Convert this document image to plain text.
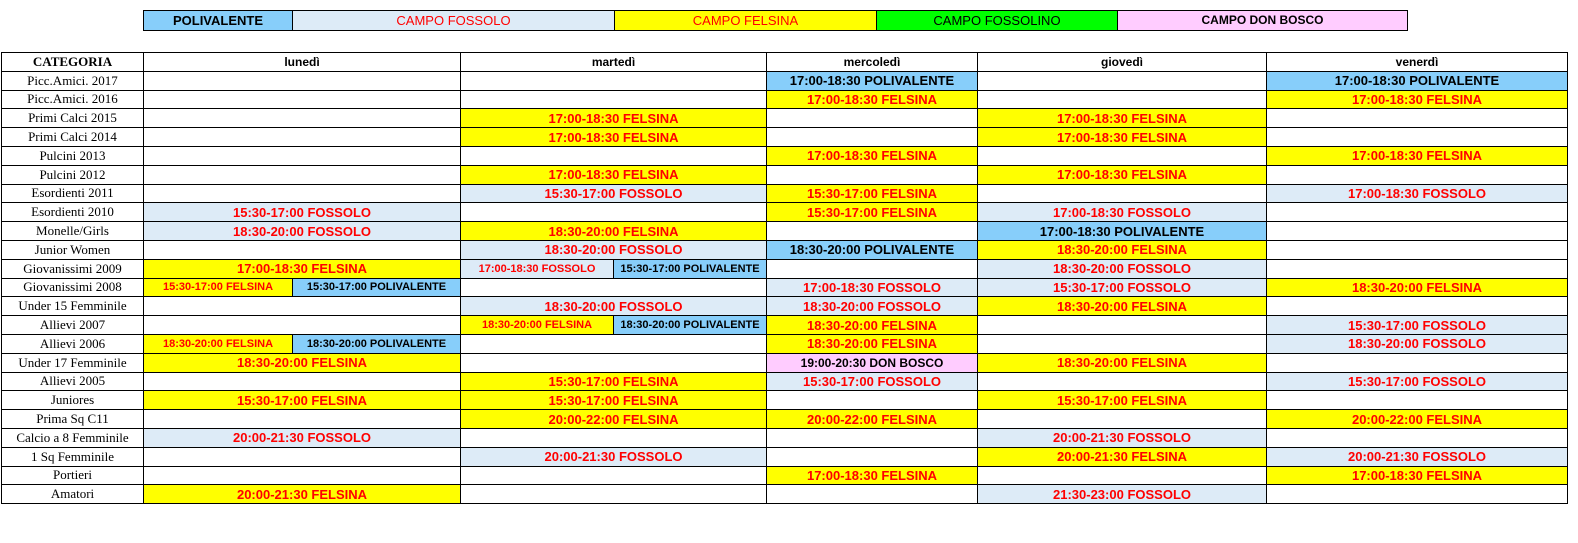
POLIVALENTE	CAMPO FOSSOLO	CAMPO FELSINA	CAMPO FOSSOLINO	CAMPO DON BOSCO
CATEGORIA	lunedì		martedì		mercoledì	giovedì	venerdì
Picc.Amici. 2017					17:00-18:30 POLIVALENTE		17:00-18:30 POLIVALENTE
Picc.Amici. 2016					17:00-18:30 FELSINA		17:00-18:30 FELSINA
Primi Calci 2015			17:00-18:30 FELSINA			17:00-18:30 FELSINA	
Primi Calci 2014			17:00-18:30 FELSINA			17:00-18:30 FELSINA	
Pulcini 2013					17:00-18:30 FELSINA		17:00-18:30 FELSINA
Pulcini 2012			17:00-18:30 FELSINA			17:00-18:30 FELSINA	
Esordienti 2011			15:30-17:00 FOSSOLO		15:30-17:00 FELSINA		17:00-18:30 FOSSOLO
Esordienti 2010	15:30-17:00 FOSSOLO				15:30-17:00 FELSINA	17:00-18:30 FOSSOLO	
Monelle/Girls	18:30-20:00 FOSSOLO		18:30-20:00 FELSINA			17:00-18:30 POLIVALENTE	
Junior Women			18:30-20:00 FOSSOLO		18:30-20:00 POLIVALENTE	18:30-20:00 FELSINA	
Giovanissimi 2009	17:00-18:30 FELSINA		17:00-18:30 FOSSOLO	15:30-17:00 POLIVALENTE		18:30-20:00 FOSSOLO	
Giovanissimi 2008	15:30-17:00 FELSINA	15:30-17:00 POLIVALENTE			17:00-18:30 FOSSOLO	15:30-17:00 FOSSOLO	18:30-20:00 FELSINA
Under 15 Femminile			18:30-20:00 FOSSOLO		18:30-20:00 FOSSOLO	18:30-20:00 FELSINA	
Allievi 2007			18:30-20:00 FELSINA	18:30-20:00 POLIVALENTE	18:30-20:00 FELSINA		15:30-17:00 FOSSOLO
Allievi 2006	18:30-20:00 FELSINA	18:30-20:00 POLIVALENTE			18:30-20:00 FELSINA		18:30-20:00 FOSSOLO
Under 17 Femminile	18:30-20:00 FELSINA				19:00-20:30 DON BOSCO	18:30-20:00 FELSINA	
Allievi 2005			15:30-17:00 FELSINA		15:30-17:00 FOSSOLO		15:30-17:00 FOSSOLO
Juniores	15:30-17:00 FELSINA		15:30-17:00 FELSINA			15:30-17:00 FELSINA	
Prima Sq C11			20:00-22:00 FELSINA		20:00-22:00 FELSINA		20:00-22:00 FELSINA
Calcio a 8 Femminile	20:00-21:30 FOSSOLO					20:00-21:30 FOSSOLO	
1 Sq Femminile			20:00-21:30 FOSSOLO			20:00-21:30 FELSINA	20:00-21:30 FOSSOLO
Portieri					17:00-18:30 FELSINA		17:00-18:30 FELSINA
Amatori	20:00-21:30 FELSINA					21:30-23:00 FOSSOLO	
